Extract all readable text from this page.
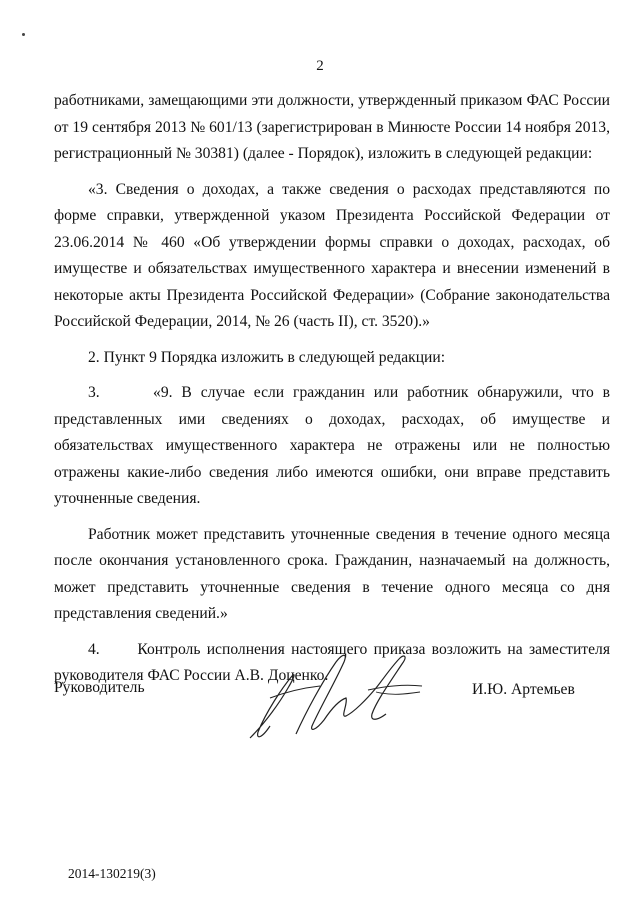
2

работниками, замещающими эти должности, утвержденный приказом ФАС России от 19 сентября 2013 № 601/13 (зарегистрирован в Минюсте России 14 ноября 2013, регистрационный № 30381) (далее - Порядок), изложить в следующей редакции:

«3. Сведения о доходах, а также сведения о расходах представляются по форме справки, утвержденной указом Президента Российской Федерации от 23.06.2014 № 460 «Об утверждении формы справки о доходах, расходах, об имуществе и обязательствах имущественного характера и внесении изменений в некоторые акты Президента Российской Федерации» (Собрание законодательства Российской Федерации, 2014, № 26 (часть II), ст. 3520).»

2. Пункт 9 Порядка изложить в следующей редакции:

3.	«9. В случае если гражданин или работник обнаружили, что в представленных ими сведениях о доходах, расходах, об имуществе и обязательствах имущественного характера не отражены или не полностью отражены какие-либо сведения либо имеются ошибки, они вправе представить уточненные сведения.

Работник может представить уточненные сведения в течение одного месяца после окончания установленного срока. Гражданин, назначаемый на должность, может представить уточненные сведения в течение одного месяца со дня представления сведений.»

4. Контроль исполнения настоящего приказа возложить на заместителя руководителя ФАС России А.В. Доценко.

Руководитель	И.Ю. Артемьев
2014-130219(3)
